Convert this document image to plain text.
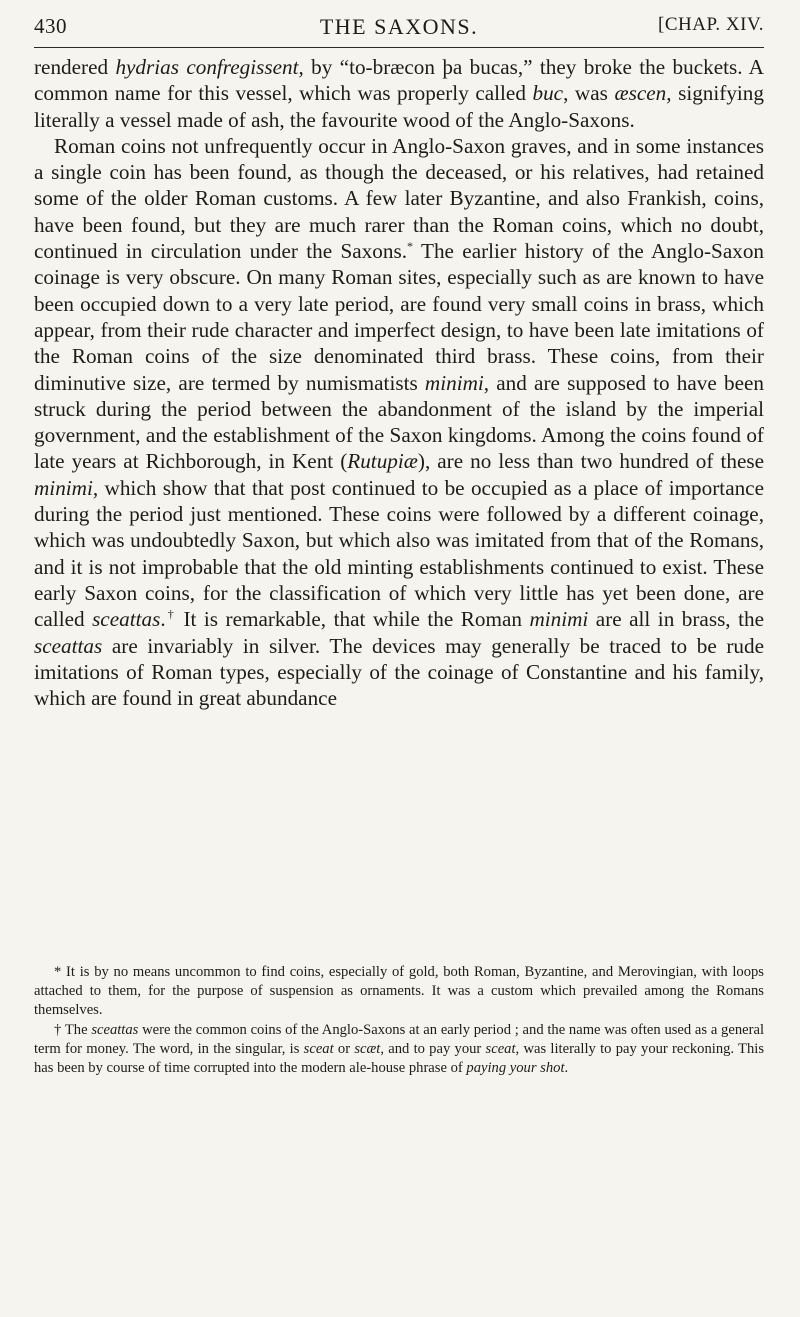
430	THE SAXONS.	[CHAP. XIV.

rendered hydrias confregissent, by “to-bræcon þa bucas,” they broke the buckets. A common name for this vessel, which was properly called buc, was æscen, signifying literally a vessel made of ash, the favourite wood of the Anglo-Saxons.

Roman coins not unfrequently occur in Anglo-Saxon graves, and in some instances a single coin has been found, as though the deceased, or his relatives, had retained some of the older Roman customs. A few later Byzantine, and also Frankish, coins, have been found, but they are much rarer than the Roman coins, which no doubt, continued in circulation under the Saxons.* The earlier history of the Anglo-Saxon coinage is very obscure. On many Roman sites, especially such as are known to have been occupied down to a very late period, are found very small coins in brass, which appear, from their rude character and imperfect design, to have been late imitations of the Roman coins of the size denominated third brass. These coins, from their diminutive size, are termed by numismatists minimi, and are supposed to have been struck during the period between the abandonment of the island by the imperial government, and the establishment of the Saxon kingdoms. Among the coins found of late years at Richborough, in Kent (Rutupiæ), are no less than two hundred of these minimi, which show that that post continued to be occupied as a place of importance during the period just mentioned. These coins were followed by a different coinage, which was undoubtedly Saxon, but which also was imitated from that of the Romans, and it is not improbable that the old minting establishments continued to exist. These early Saxon coins, for the classification of which very little has yet been done, are called sceattas.† It is remarkable, that while the Roman minimi are all in brass, the sceattas are invariably in silver. The devices may generally be traced to be rude imitations of Roman types, especially of the coinage of Constantine and his family, which are found in great abundance

* It is by no means uncommon to find coins, especially of gold, both Roman, Byzantine, and Merovingian, with loops attached to them, for the purpose of suspension as ornaments. It was a custom which prevailed among the Romans themselves.

† The sceattas were the common coins of the Anglo-Saxons at an early period ; and the name was often used as a general term for money. The word, in the singular, is sceat or scæt, and to pay your sceat, was literally to pay your reckoning. This has been by course of time corrupted into the modern ale-house phrase of paying your shot.
